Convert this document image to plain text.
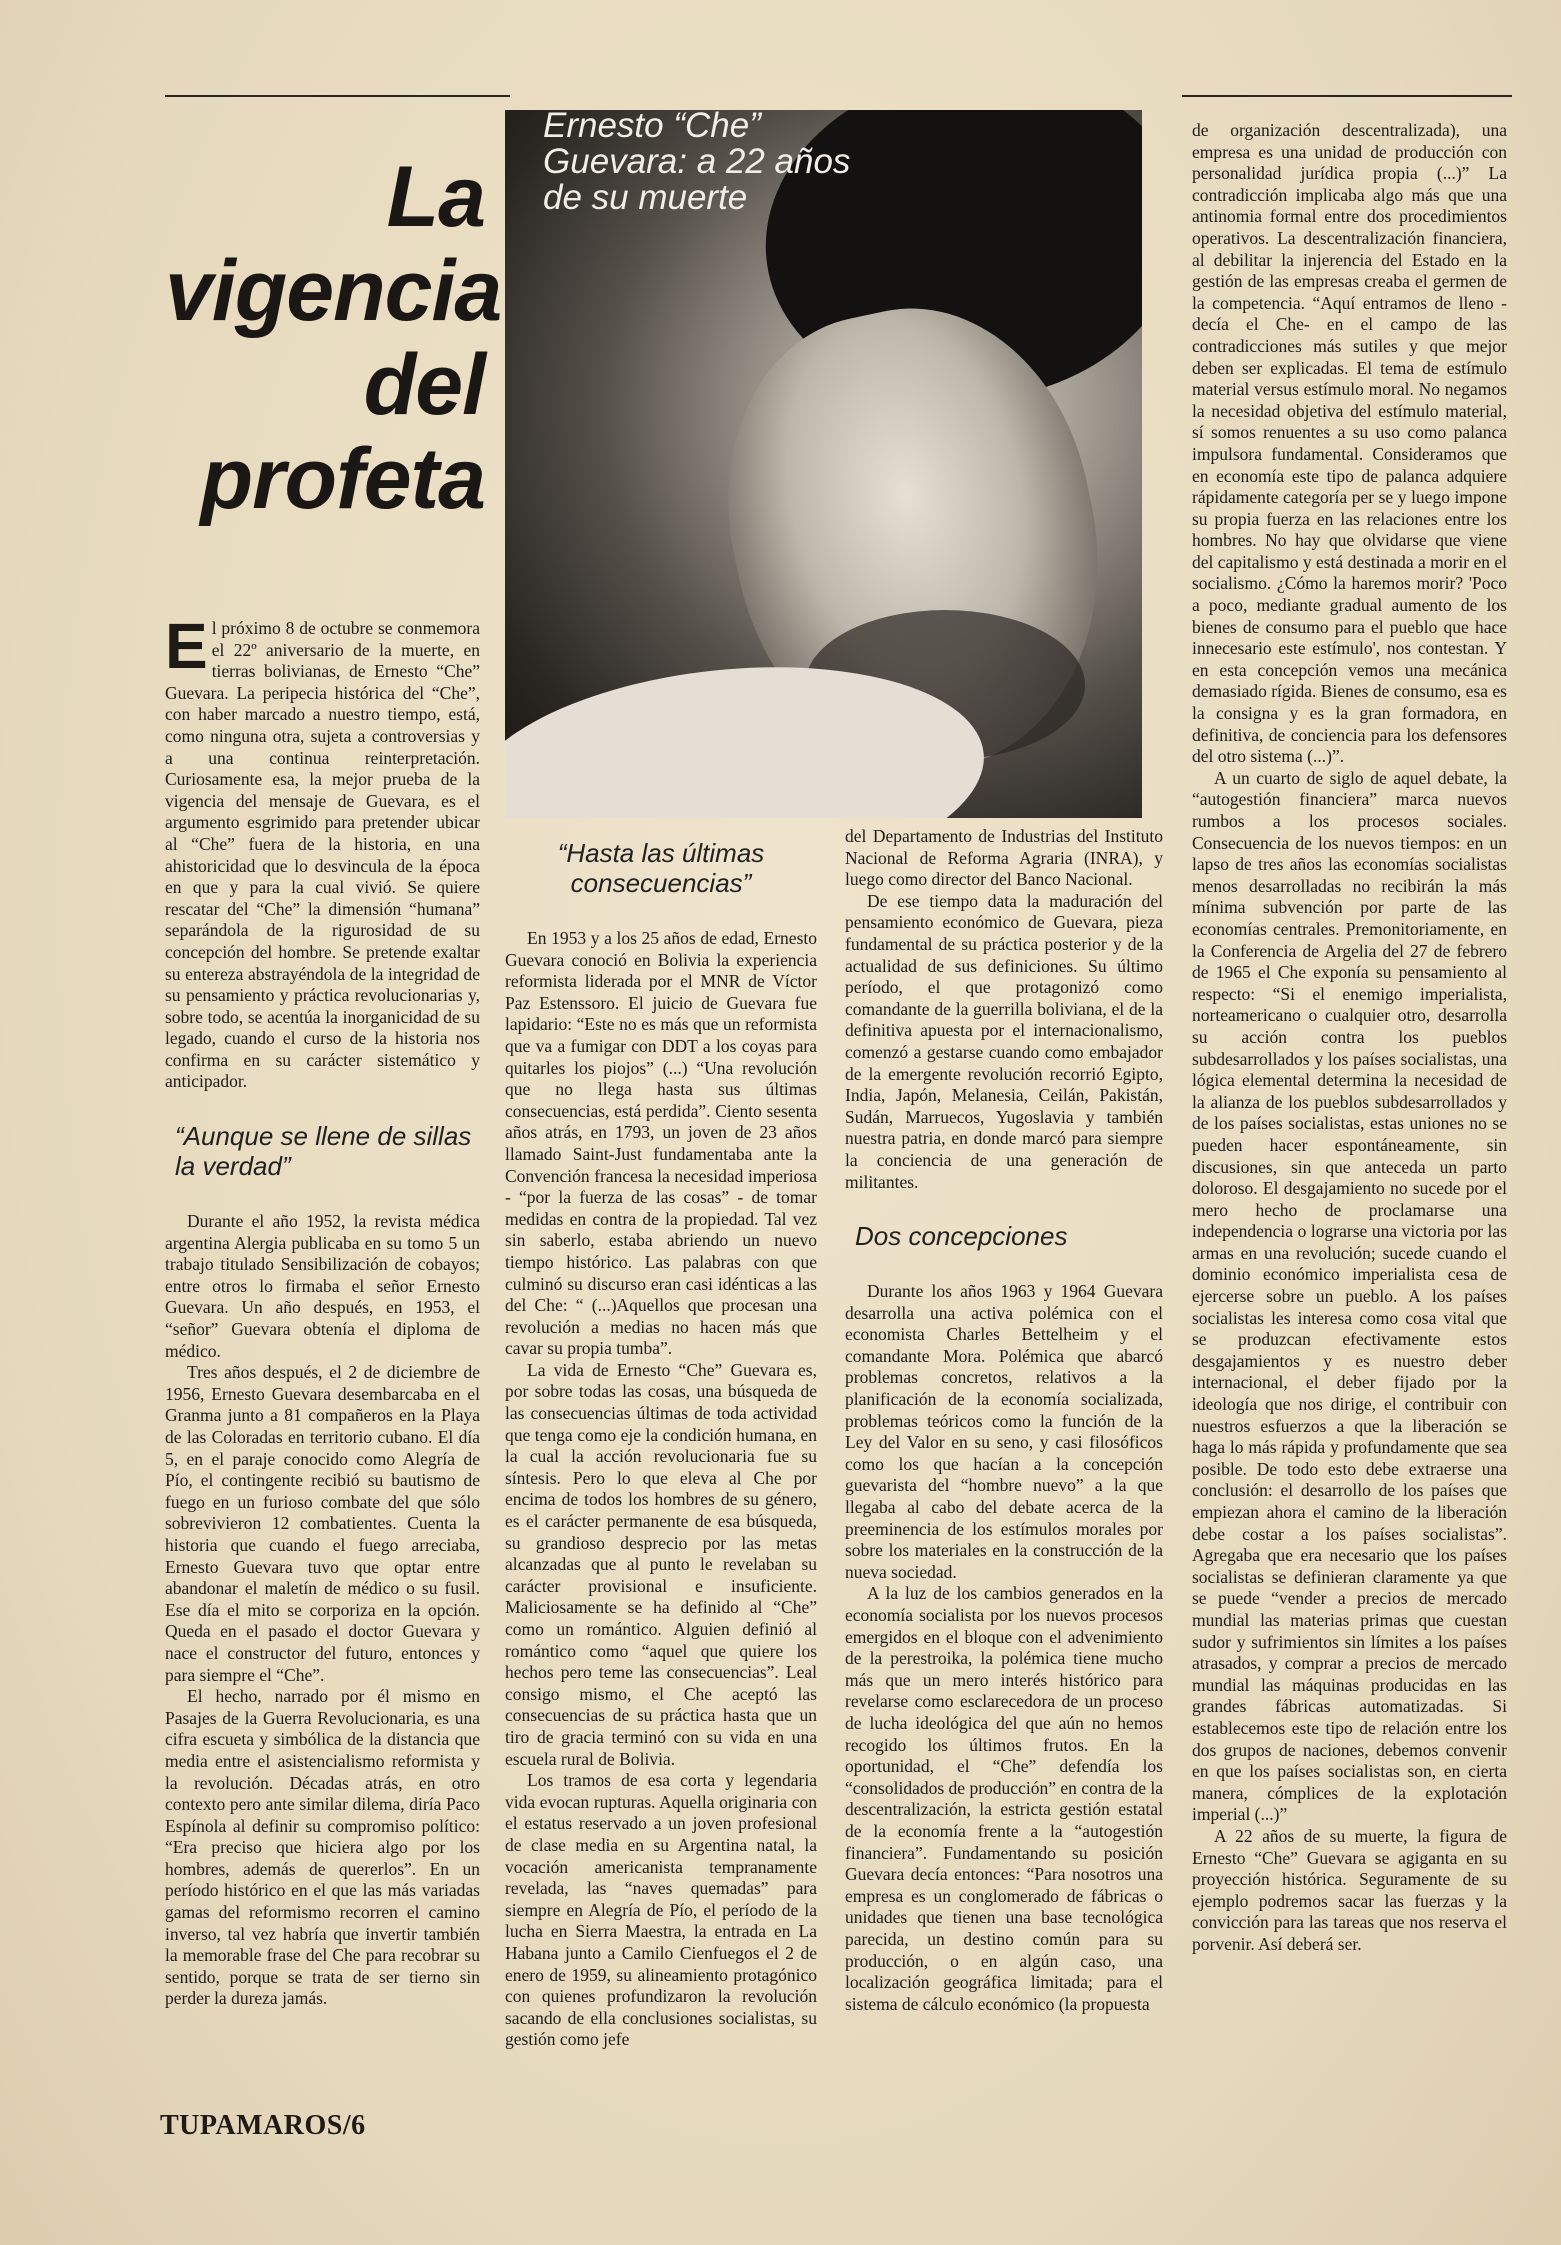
La
vigencia
del
profeta
Ernesto “Che” Guevara: a 22 años de su muerte

El próximo 8 de octubre se conmemora el 22º aniversario de la muerte, en tierras bolivianas, de Ernesto “Che” Guevara. La peripecia histórica del “Che”, con haber marcado a nuestro tiempo, está, como ninguna otra, sujeta a controversias y a una continua reinterpretación. Curiosamente esa, la mejor prueba de la vigencia del mensaje de Guevara, es el argumento esgrimido para pretender ubicar al “Che” fuera de la historia, en una ahistoricidad que lo desvincula de la época en que y para la cual vivió. Se quiere rescatar del “Che” la dimensión “humana” separándola de la rigurosidad de su concepción del hombre. Se pretende exaltar su entereza abstrayéndola de la integridad de su pensamiento y práctica revolucionarias y, sobre todo, se acentúa la inorganicidad de su legado, cuando el curso de la historia nos confirma en su carácter sistemático y anticipador.

“Aunque se llene de sillas la verdad”

Durante el año 1952, la revista médica argentina Alergia publicaba en su tomo 5 un trabajo titulado Sensibilización de cobayos; entre otros lo firmaba el señor Ernesto Guevara. Un año después, en 1953, el “señor” Guevara obtenía el diploma de médico.

Tres años después, el 2 de diciembre de 1956, Ernesto Guevara desembarcaba en el Granma junto a 81 compañeros en la Playa de las Coloradas en territorio cubano. El día 5, en el paraje conocido como Alegría de Pío, el contingente recibió su bautismo de fuego en un furioso combate del que sólo sobrevivieron 12 combatientes. Cuenta la historia que cuando el fuego arreciaba, Ernesto Guevara tuvo que optar entre abandonar el maletín de médico o su fusil. Ese día el mito se corporiza en la opción. Queda en el pasado el doctor Guevara y nace el constructor del futuro, entonces y para siempre el “Che”.

El hecho, narrado por él mismo en Pasajes de la Guerra Revolucionaria, es una cifra escueta y simbólica de la distancia que media entre el asistencialismo reformista y la revolución. Décadas atrás, en otro contexto pero ante similar dilema, diría Paco Espínola al definir su compromiso político: “Era preciso que hiciera algo por los hombres, además de quererlos”. En un período histórico en el que las más variadas gamas del reformismo recorren el camino inverso, tal vez habría que invertir también la memorable frase del Che para recobrar su sentido, porque se trata de ser tierno sin perder la dureza jamás.

“Hasta las últimas consecuencias”

En 1953 y a los 25 años de edad, Ernesto Guevara conoció en Bolivia la experiencia reformista liderada por el MNR de Víctor Paz Estenssoro. El juicio de Guevara fue lapidario: “Este no es más que un reformista que va a fumigar con DDT a los coyas para quitarles los piojos” (...) “Una revolución que no llega hasta sus últimas consecuencias, está perdida”. Ciento sesenta años atrás, en 1793, un joven de 23 años llamado Saint-Just fundamentaba ante la Convención francesa la necesidad imperiosa - “por la fuerza de las cosas” - de tomar medidas en contra de la propiedad. Tal vez sin saberlo, estaba abriendo un nuevo tiempo histórico. Las palabras con que culminó su discurso eran casi idénticas a las del Che: “ (...)Aquellos que procesan una revolución a medias no hacen más que cavar su propia tumba”.

La vida de Ernesto “Che” Guevara es, por sobre todas las cosas, una búsqueda de las consecuencias últimas de toda actividad que tenga como eje la condición humana, en la cual la acción revolucionaria fue su síntesis. Pero lo que eleva al Che por encima de todos los hombres de su género, es el carácter permanente de esa búsqueda, su grandioso desprecio por las metas alcanzadas que al punto le revelaban su carácter provisional e insuficiente. Maliciosamente se ha definido al “Che” como un romántico. Alguien definió al romántico como “aquel que quiere los hechos pero teme las consecuencias”. Leal consigo mismo, el Che aceptó las consecuencias de su práctica hasta que un tiro de gracia terminó con su vida en una escuela rural de Bolivia.

Los tramos de esa corta y legendaria vida evocan rupturas. Aquella originaria con el estatus reservado a un joven profesional de clase media en su Argentina natal, la vocación americanista tempranamente revelada, las “naves quemadas” para siempre en Alegría de Pío, el período de la lucha en Sierra Maestra, la entrada en La Habana junto a Camilo Cienfuegos el 2 de enero de 1959, su alineamiento protagónico con quienes profundizaron la revolución sacando de ella conclusiones socialistas, su gestión como jefe

del Departamento de Industrias del Instituto Nacional de Reforma Agraria (INRA), y luego como director del Banco Nacional.

De ese tiempo data la maduración del pensamiento económico de Guevara, pieza fundamental de su práctica posterior y de la actualidad de sus definiciones. Su último período, el que protagonizó como comandante de la guerrilla boliviana, el de la definitiva apuesta por el internacionalismo, comenzó a gestarse cuando como embajador de la emergente revolución recorrió Egipto, India, Japón, Melanesia, Ceilán, Pakistán, Sudán, Marruecos, Yugoslavia y también nuestra patria, en donde marcó para siempre la conciencia de una generación de militantes.

Dos concepciones

Durante los años 1963 y 1964 Guevara desarrolla una activa polémica con el economista Charles Bettelheim y el comandante Mora. Polémica que abarcó problemas concretos, relativos a la planificación de la economía socializada, problemas teóricos como la función de la Ley del Valor en su seno, y casi filosóficos como los que hacían a la concepción guevarista del “hombre nuevo” a la que llegaba al cabo del debate acerca de la preeminencia de los estímulos morales por sobre los materiales en la construcción de la nueva sociedad.

A la luz de los cambios generados en la economía socialista por los nuevos procesos emergidos en el bloque con el advenimiento de la perestroika, la polémica tiene mucho más que un mero interés histórico para revelarse como esclarecedora de un proceso de lucha ideológica del que aún no hemos recogido los últimos frutos. En la oportunidad, el “Che” defendía los “consolidados de producción” en contra de la descentralización, la estricta gestión estatal de la economía frente a la “autogestión financiera”. Fundamentando su posición Guevara decía entonces: “Para nosotros una empresa es un conglomerado de fábricas o unidades que tienen una base tecnológica parecida, un destino común para su producción, o en algún caso, una localización geográfica limitada; para el sistema de cálculo económico (la propuesta

de organización descentralizada), una empresa es una unidad de producción con personalidad jurídica propia (...)” La contradicción implicaba algo más que una antinomia formal entre dos procedimientos operativos. La descentralización financiera, al debilitar la injerencia del Estado en la gestión de las empresas creaba el germen de la competencia. “Aquí entramos de lleno -decía el Che- en el campo de las contradicciones más sutiles y que mejor deben ser explicadas. El tema de estímulo material versus estímulo moral. No negamos la necesidad objetiva del estímulo material, sí somos renuentes a su uso como palanca impulsora fundamental. Consideramos que en economía este tipo de palanca adquiere rápidamente categoría per se y luego impone su propia fuerza en las relaciones entre los hombres. No hay que olvidarse que viene del capitalismo y está destinada a morir en el socialismo. ¿Cómo la haremos morir? 'Poco a poco, mediante gradual aumento de los bienes de consumo para el pueblo que hace innecesario este estímulo', nos contestan. Y en esta concepción vemos una mecánica demasiado rígida. Bienes de consumo, esa es la consigna y es la gran formadora, en definitiva, de conciencia para los defensores del otro sistema (...)”.

A un cuarto de siglo de aquel debate, la “autogestión financiera” marca nuevos rumbos a los procesos sociales. Consecuencia de los nuevos tiempos: en un lapso de tres años las economías socialistas menos desarrolladas no recibirán la más mínima subvención por parte de las economías centrales. Premonitoriamente, en la Conferencia de Argelia del 27 de febrero de 1965 el Che exponía su pensamiento al respecto: “Si el enemigo imperialista, norteamericano o cualquier otro, desarrolla su acción contra los pueblos subdesarrollados y los países socialistas, una lógica elemental determina la necesidad de la alianza de los pueblos subdesarrollados y de los países socialistas, estas uniones no se pueden hacer espontáneamente, sin discusiones, sin que anteceda un parto doloroso. El desgajamiento no sucede por el mero hecho de proclamarse una independencia o lograrse una victoria por las armas en una revolución; sucede cuando el dominio económico imperialista cesa de ejercerse sobre un pueblo. A los países socialistas les interesa como cosa vital que se produzcan efectivamente estos desgajamientos y es nuestro deber internacional, el deber fijado por la ideología que nos dirige, el contribuir con nuestros esfuerzos a que la liberación se haga lo más rápida y profundamente que sea posible. De todo esto debe extraerse una conclusión: el desarrollo de los países que empiezan ahora el camino de la liberación debe costar a los países socialistas”. Agregaba que era necesario que los países socialistas se definieran claramente ya que se puede “vender a precios de mercado mundial las materias primas que cuestan sudor y sufrimientos sin límites a los países atrasados, y comprar a precios de mercado mundial las máquinas producidas en las grandes fábricas automatizadas. Si establecemos este tipo de relación entre los dos grupos de naciones, debemos convenir en que los países socialistas son, en cierta manera, cómplices de la explotación imperial (...)”

A 22 años de su muerte, la figura de Ernesto “Che” Guevara se agiganta en su proyección histórica. Seguramente de su ejemplo podremos sacar las fuerzas y la convicción para las tareas que nos reserva el porvenir. Así deberá ser.

TUPAMAROS/6
